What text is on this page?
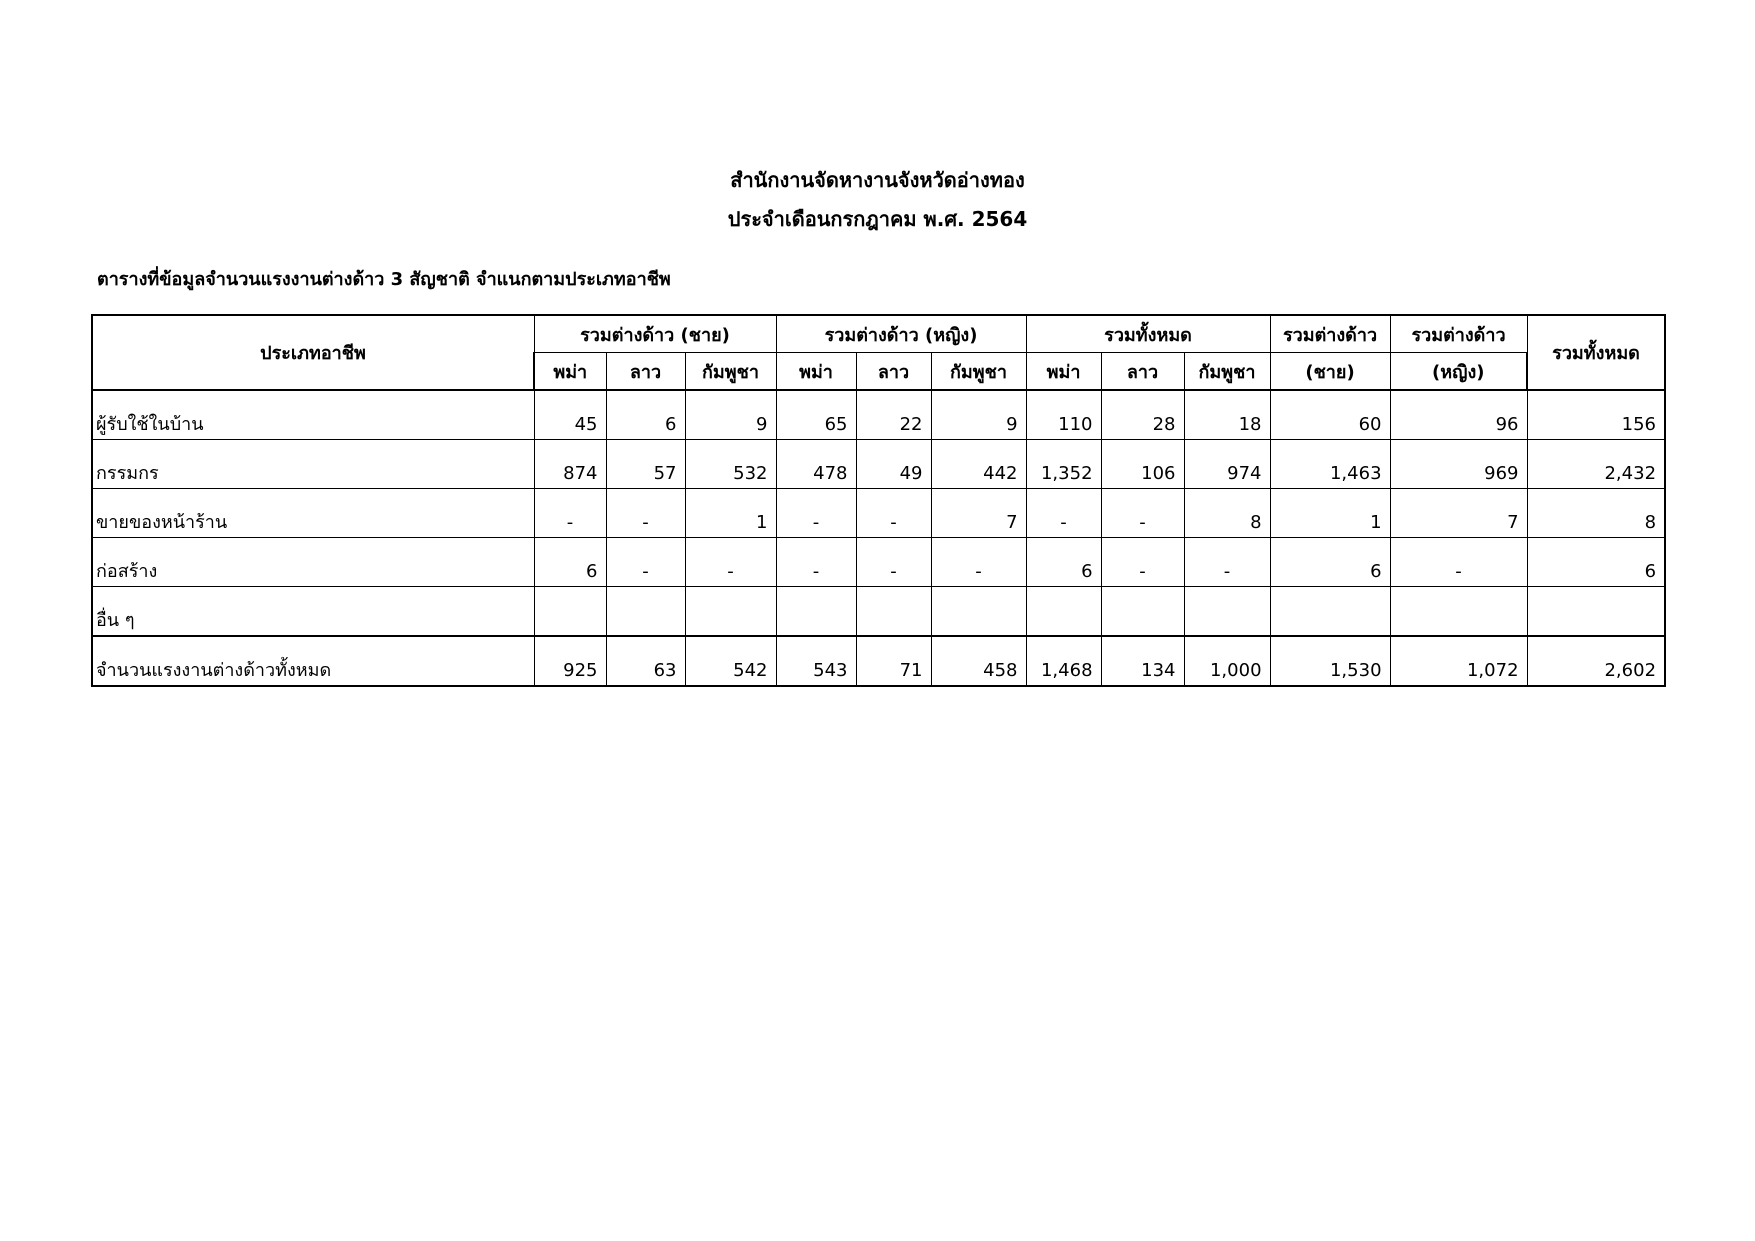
สำนักงานจัดหางานจังหวัดอ่างทอง
ประจำเดือนกรกฎาคม พ.ศ. 2564
ตารางที่ข้อมูลจำนวนแรงงานต่างด้าว 3 สัญชาติ จำแนกตามประเภทอาชีพ
ประเภทอาชีพ	รวมต่างด้าว (ชาย)			รวมต่างด้าว (หญิง)			รวมทั้งหมด			รวมต่างด้าว	รวมต่างด้าว	รวมทั้งหมด
	พม่า	ลาว	กัมพูชา	พม่า	ลาว	กัมพูชา	พม่า	ลาว	กัมพูชา	(ชาย)	(หญิง)	
ผู้รับใช้ในบ้าน	45	6	9	65	22	9	110	28	18	60	96	156
กรรมกร	874	57	532	478	49	442	1,352	106	974	1,463	969	2,432
ขายของหน้าร้าน	-	-	1	-	-	7	-	-	8	1	7	8
ก่อสร้าง	6	-	-	-	-	-	6	-	-	6	-	6
อื่น ๆ												
จำนวนแรงงานต่างด้าวทั้งหมด	925	63	542	543	71	458	1,468	134	1,000	1,530	1,072	2,602
